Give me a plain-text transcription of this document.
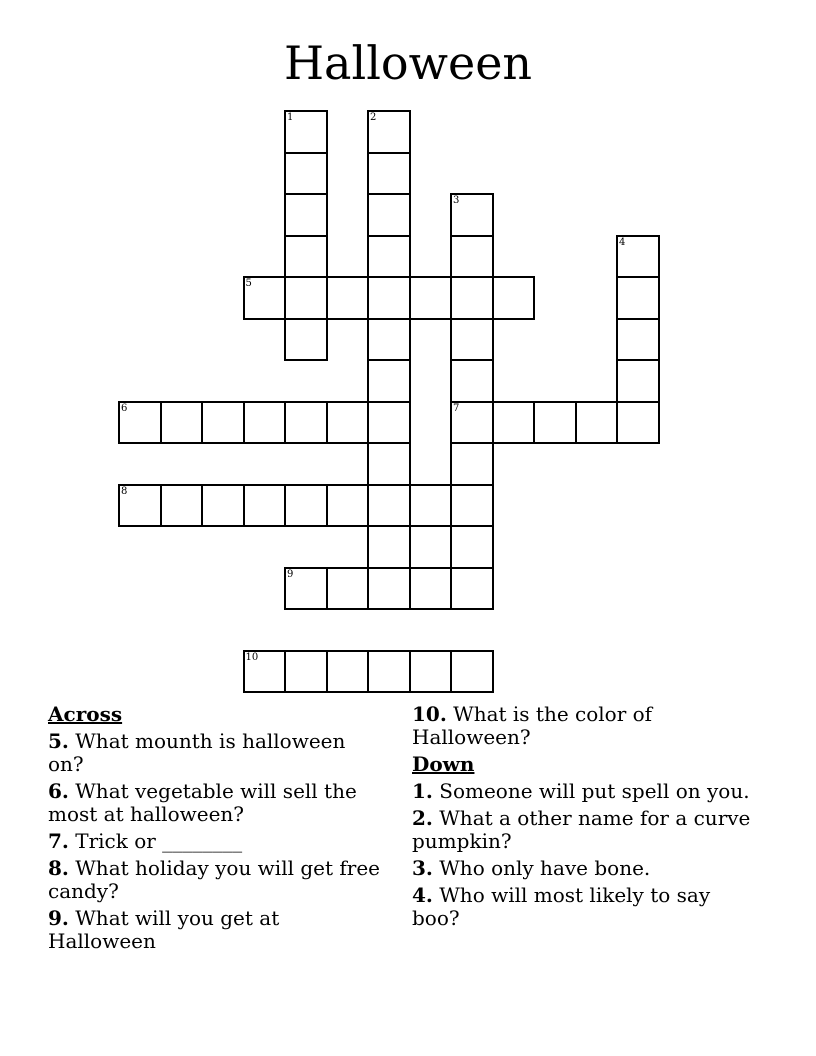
Halloween
1	2
3
7
4
5
6
8
9
10
Across
5. What mounth is halloween on?
6. What vegetable will sell the most at halloween?
7. Trick or ________
8. What holiday you will get free candy?
9. What will you get at Halloween
10. What is the color of Halloween?
Down
1. Someone will put spell on you.
2. What a other name for a curve pumpkin?
3. Who only have bone.
4. Who will most likely to say boo?
